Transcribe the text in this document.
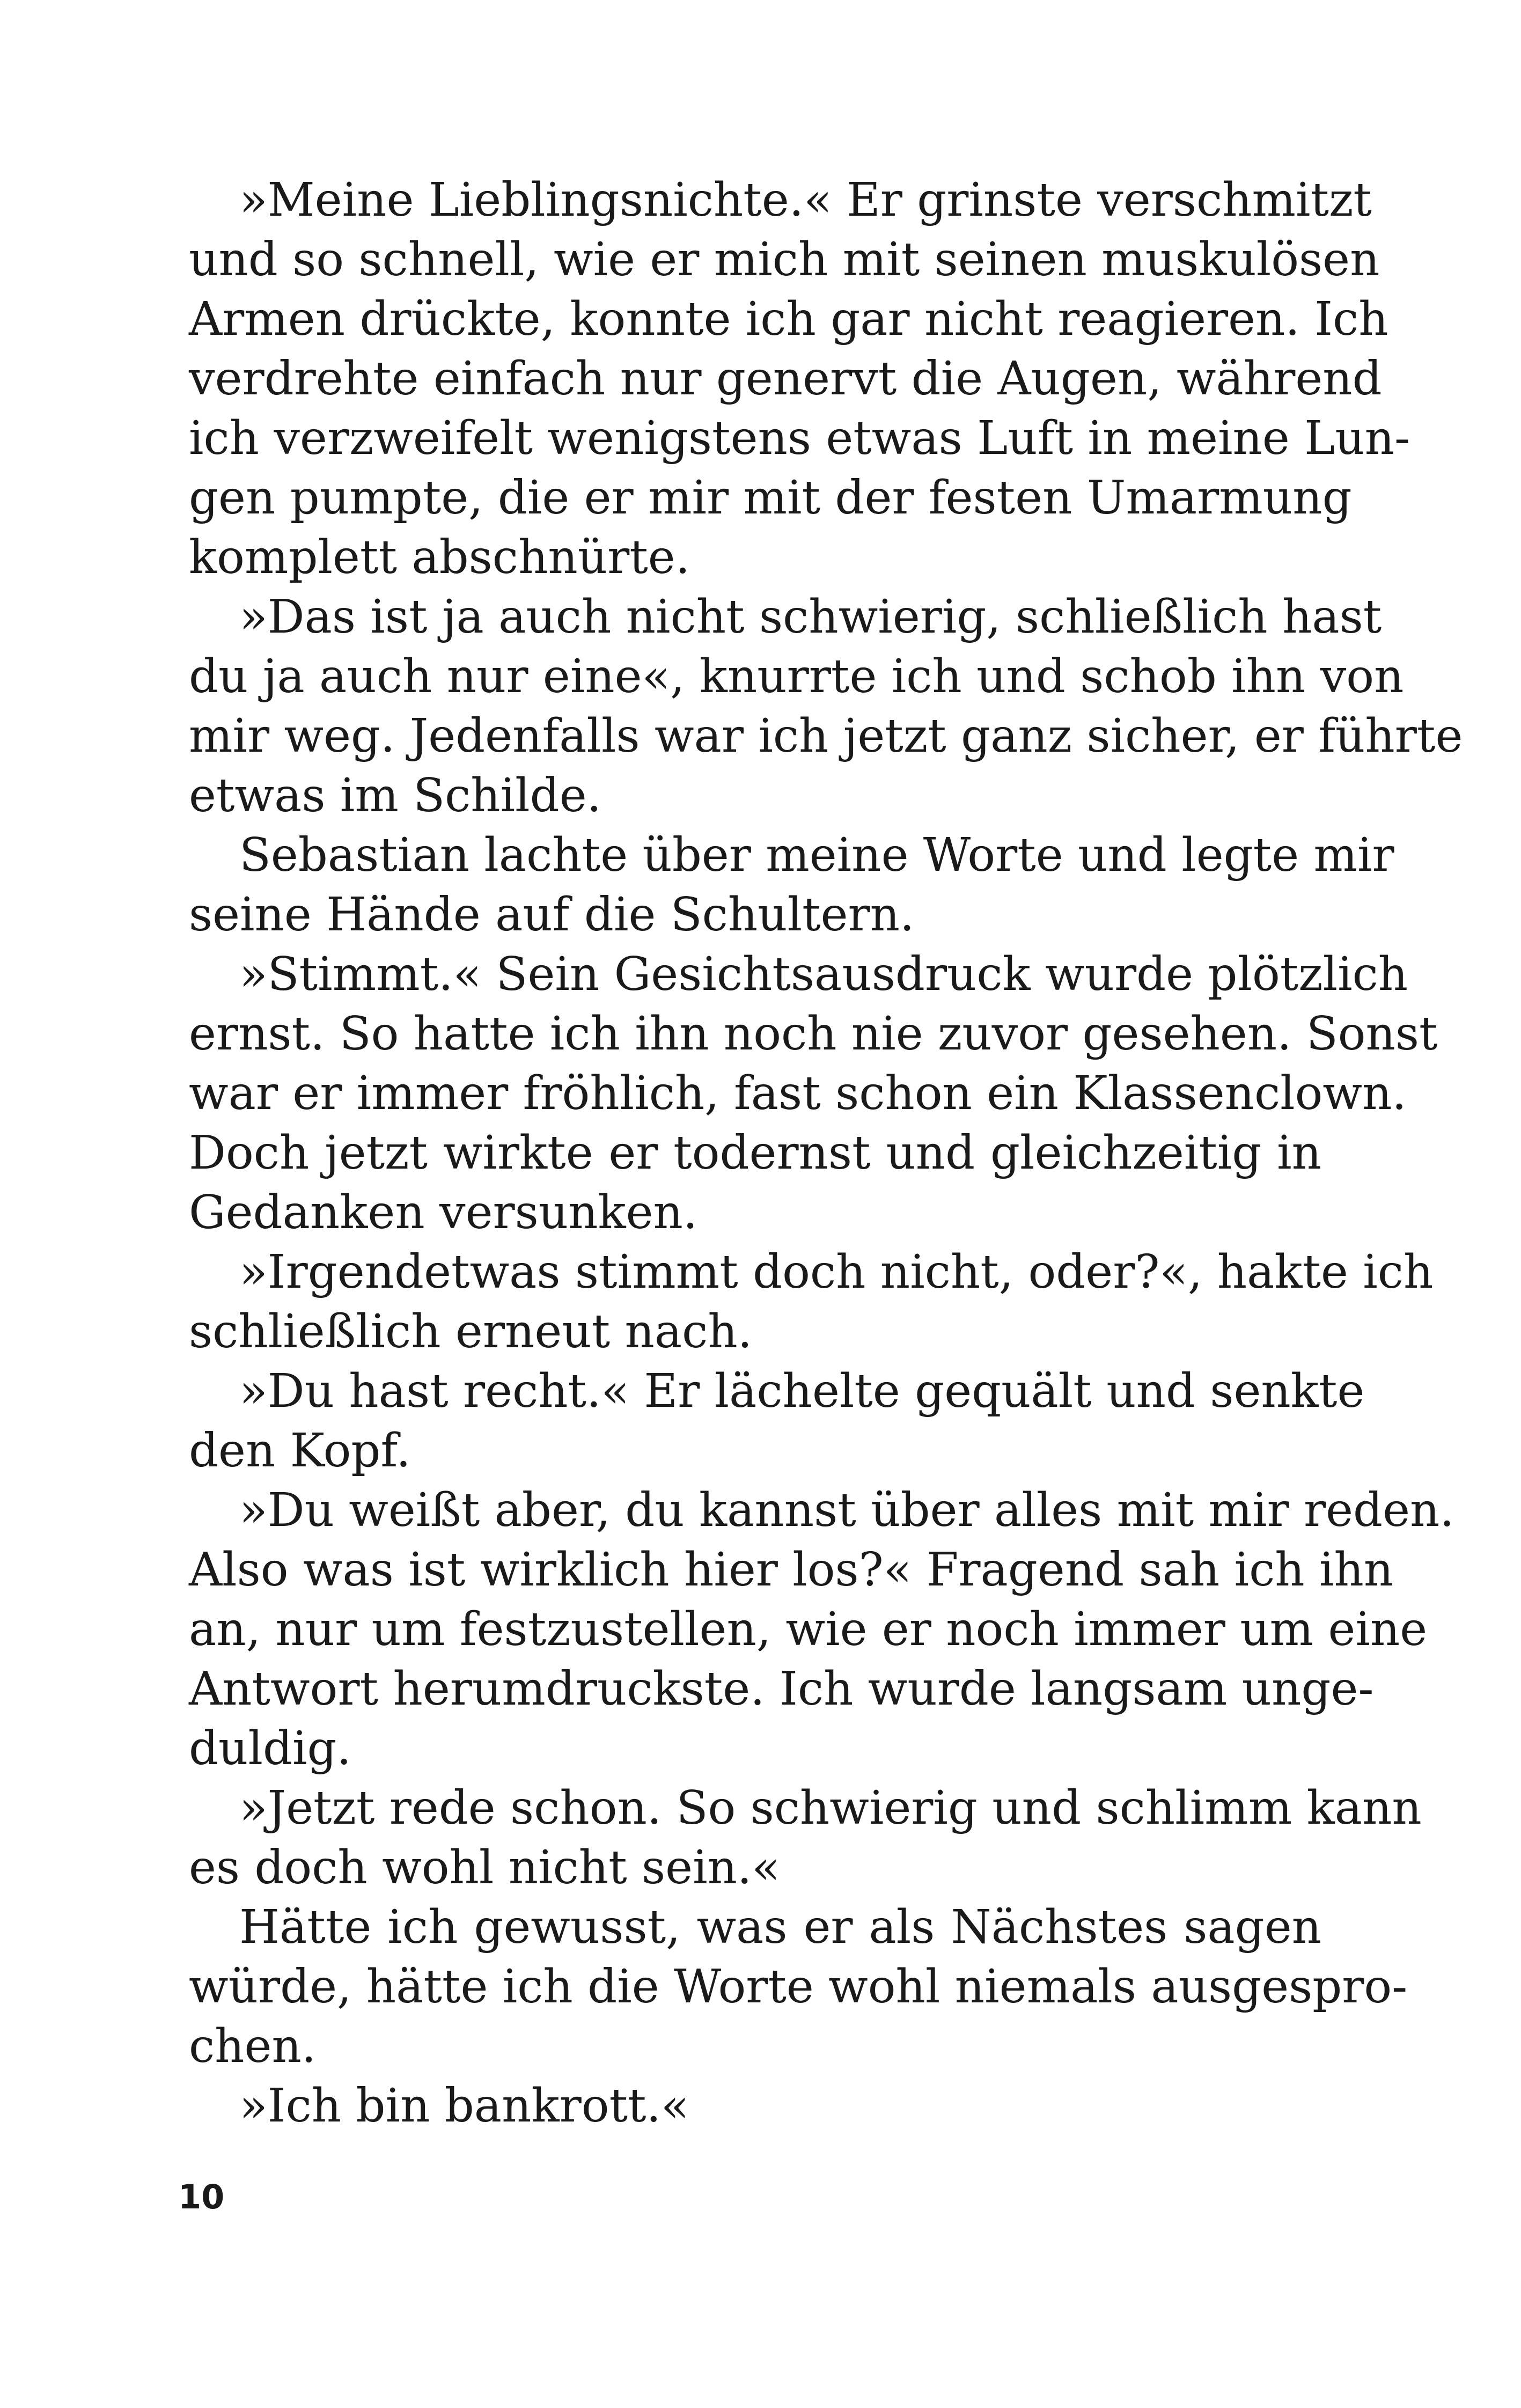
»Meine Lieblingsnichte.« Er grinste verschmitzt
und so schnell, wie er mich mit seinen muskulösen
Armen drückte, konnte ich gar nicht reagieren. Ich
verdrehte einfach nur genervt die Augen, während
ich verzweifelt wenigstens etwas Luft in meine Lun-
gen pumpte, die er mir mit der festen Umarmung
komplett abschnürte.
»Das ist ja auch nicht schwierig, schließlich hast
du ja auch nur eine«, knurrte ich und schob ihn von
mir weg. Jedenfalls war ich jetzt ganz sicher, er führte
etwas im Schilde.
Sebastian lachte über meine Worte und legte mir
seine Hände auf die Schultern.
»Stimmt.« Sein Gesichtsausdruck wurde plötzlich
ernst. So hatte ich ihn noch nie zuvor gesehen. Sonst
war er immer fröhlich, fast schon ein Klassenclown.
Doch jetzt wirkte er todernst und gleichzeitig in
Gedanken versunken.
»Irgendetwas stimmt doch nicht, oder?«, hakte ich
schließlich erneut nach.
»Du hast recht.« Er lächelte gequält und senkte
den Kopf.
»Du weißt aber, du kannst über alles mit mir reden.
Also was ist wirklich hier los?« Fragend sah ich ihn
an, nur um festzustellen, wie er noch immer um eine
Antwort herumdruckste. Ich wurde langsam unge-
duldig.
»Jetzt rede schon. So schwierig und schlimm kann
es doch wohl nicht sein.«
Hätte ich gewusst, was er als Nächstes sagen
würde, hätte ich die Worte wohl niemals ausgespro-
chen.
»Ich bin bankrott.«
10
